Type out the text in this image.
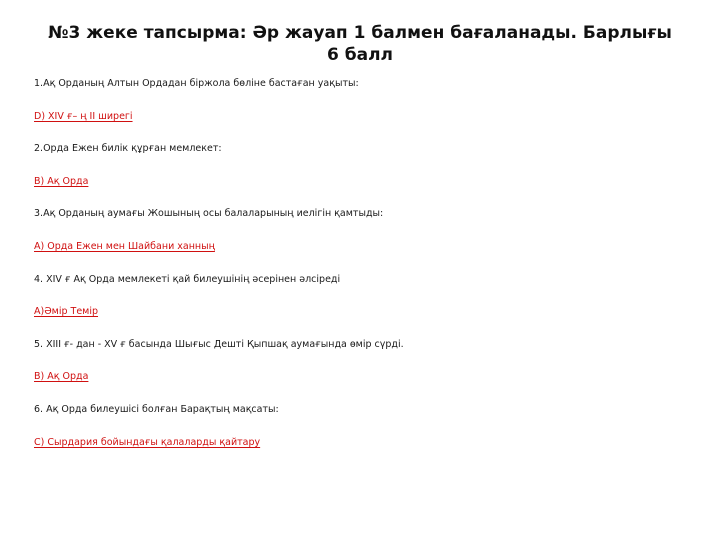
№3 жеке тапсырма: Әр жауап 1 балмен бағаланады. Барлығы 6 балл
1.Ақ Орданың Алтын Ордадан біржола бөліне бастаған уақыты:
D) XIV ғ– ң II ширегі
2.Орда Ежен билік құрған мемлекет:
B) Ақ Орда
3.Ақ Орданың аумағы Жошының осы балаларының иелігін қамтыды:
A) Орда Ежен мен Шайбани ханның
4. XIV ғ Ақ Орда мемлекеті қай билеушінің әсерінен әлсіреді
A)Әмір Темір
5. XIII ғ- дан - XV ғ басында Шығыс Дешті Қыпшақ аумағында өмір сүрді.
B) Ақ Орда
6. Ақ Орда билеушісі болған Барақтың мақсаты:
C) Сырдария бойындағы қалаларды қайтару
